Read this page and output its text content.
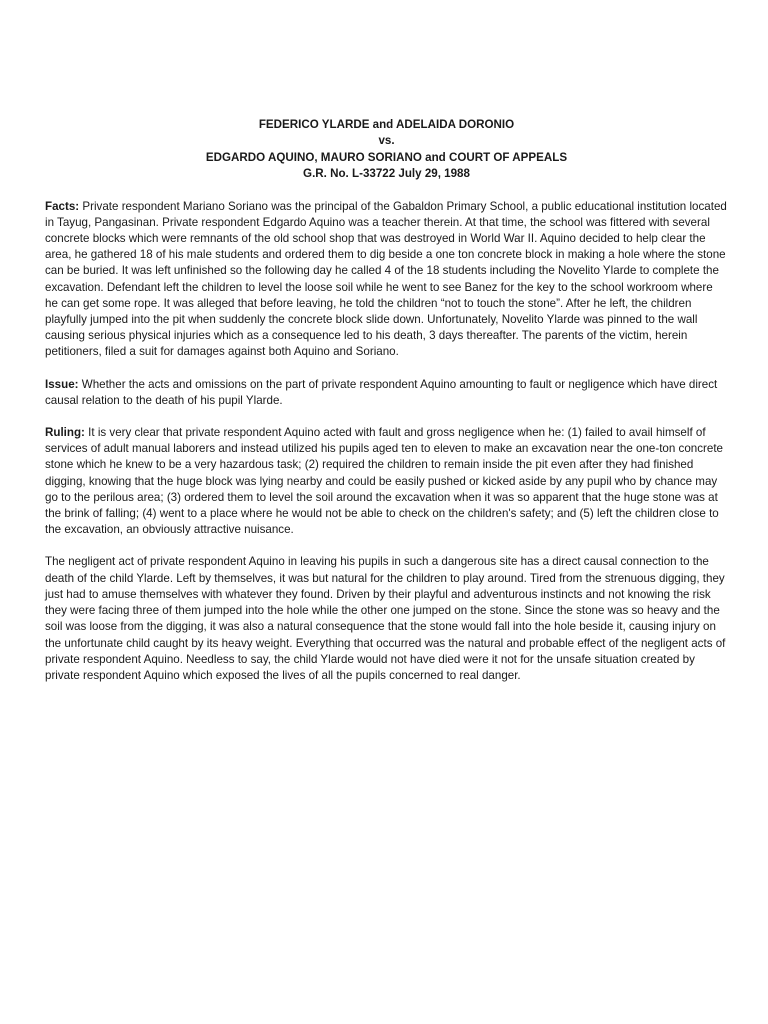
FEDERICO YLARDE and ADELAIDA DORONIO
vs.
EDGARDO AQUINO, MAURO SORIANO and COURT OF APPEALS
G.R. No. L-33722 July 29, 1988

Facts: Private respondent Mariano Soriano was the principal of the Gabaldon Primary School, a public educational institution located in Tayug, Pangasinan. Private respondent Edgardo Aquino was a teacher therein. At that time, the school was fittered with several concrete blocks which were remnants of the old school shop that was destroyed in World War II. Aquino decided to help clear the area, he gathered 18 of his male students and ordered them to dig beside a one ton concrete block in making a hole where the stone can be buried. It was left unfinished so the following day he called 4 of the 18 students including the Novelito Ylarde to complete the excavation. Defendant left the children to level the loose soil while he went to see Banez for the key to the school workroom where he can get some rope. It was alleged that before leaving, he told the children “not to touch the stone”. After he left, the children playfully jumped into the pit when suddenly the concrete block slide down. Unfortunately, Novelito Ylarde was pinned to the wall causing serious physical injuries which as a consequence led to his death, 3 days thereafter. The parents of the victim, herein petitioners, filed a suit for damages against both Aquino and Soriano.

Issue: Whether the acts and omissions on the part of private respondent Aquino amounting to fault or negligence which have direct causal relation to the death of his pupil Ylarde.

Ruling: It is very clear that private respondent Aquino acted with fault and gross negligence when he: (1) failed to avail himself of services of adult manual laborers and instead utilized his pupils aged ten to eleven to make an excavation near the one-ton concrete stone which he knew to be a very hazardous task; (2) required the children to remain inside the pit even after they had finished digging, knowing that the huge block was lying nearby and could be easily pushed or kicked aside by any pupil who by chance may go to the perilous area; (3) ordered them to level the soil around the excavation when it was so apparent that the huge stone was at the brink of falling; (4) went to a place where he would not be able to check on the children's safety; and (5) left the children close to the excavation, an obviously attractive nuisance.

The negligent act of private respondent Aquino in leaving his pupils in such a dangerous site has a direct causal connection to the death of the child Ylarde. Left by themselves, it was but natural for the children to play around. Tired from the strenuous digging, they just had to amuse themselves with whatever they found. Driven by their playful and adventurous instincts and not knowing the risk they were facing three of them jumped into the hole while the other one jumped on the stone. Since the stone was so heavy and the soil was loose from the digging, it was also a natural consequence that the stone would fall into the hole beside it, causing injury on the unfortunate child caught by its heavy weight. Everything that occurred was the natural and probable effect of the negligent acts of private respondent Aquino. Needless to say, the child Ylarde would not have died were it not for the unsafe situation created by private respondent Aquino which exposed the lives of all the pupils concerned to real danger.
